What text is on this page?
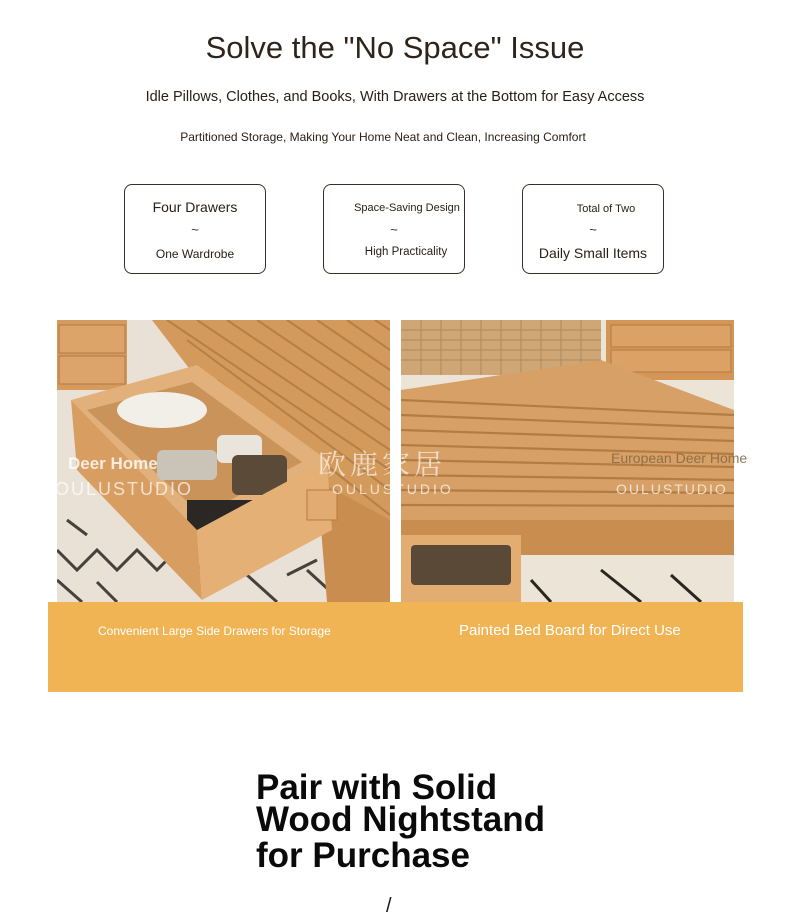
Solve the "No Space" Issue
Idle Pillows, Clothes, and Books, With Drawers at the Bottom for Easy Access
Partitioned Storage, Making Your Home Neat and Clean, Increasing Comfort
Four Drawers
~
One Wardrobe
Space-Saving Design
~
High Practicality
Total of Two
~
Daily Small Items
Deer Home
OULUSTUDIO
欧鹿家居
OULUSTUDIO
European Deer Home
OULUSTUDIO
Convenient Large Side Drawers for Storage	Painted Bed Board for Direct Use
Pair with Solid
Wood Nightstand
for Purchase
/
